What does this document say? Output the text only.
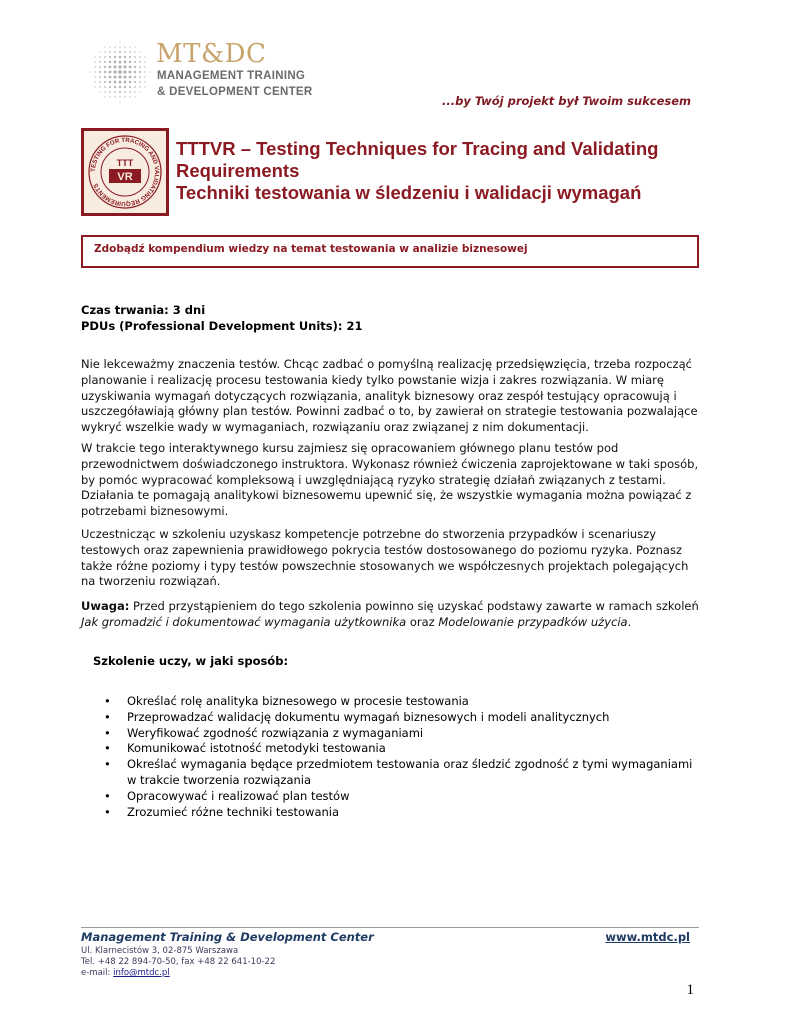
MT&DC
MANAGEMENT TRAINING
& DEVELOPMENT CENTER
...by Twój projekt był Twoim sukcesem
TESTING FOR TRACING AND VALIDATING REQUIREMENTS
TTT
VR
TTTVR – Testing Techniques for Tracing and Validating
Requirements
Techniki testowania w śledzeniu i walidacji wymagań
Zdobądź kompendium wiedzy na temat testowania w analizie biznesowej
Czas trwania: 3 dni
PDUs (Professional Development Units): 21

Nie lekceważmy znaczenia testów. Chcąc zadbać o pomyślną realizację przedsięwzięcia, trzeba rozpocząć planowanie i realizację procesu testowania kiedy tylko powstanie wizja i zakres rozwiązania. W miarę uzyskiwania wymagań dotyczących rozwiązania, analityk biznesowy oraz zespół testujący opracowują i uszczegóławiają główny plan testów. Powinni zadbać o to, by zawierał on strategie testowania pozwalające wykryć wszelkie wady w wymaganiach, rozwiązaniu oraz związanej z nim dokumentacji.

W trakcie tego interaktywnego kursu zajmiesz się opracowaniem głównego planu testów pod przewodnictwem doświadczonego instruktora. Wykonasz również ćwiczenia zaprojektowane w taki sposób, by pomóc wypracować kompleksową i uwzględniającą ryzyko strategię działań związanych z testami. Działania te pomagają analitykowi biznesowemu upewnić się, że wszystkie wymagania można powiązać z potrzebami biznesowymi.

Uczestnicząc w szkoleniu uzyskasz kompetencje potrzebne do stworzenia przypadków i scenariuszy testowych oraz zapewnienia prawidłowego pokrycia testów dostosowanego do poziomu ryzyka. Poznasz także różne poziomy i typy testów powszechnie stosowanych we współczesnych projektach polegających na tworzeniu rozwiązań.

Uwaga: Przed przystąpieniem do tego szkolenia powinno się uzyskać podstawy zawarte w ramach szkoleń Jak gromadzić i dokumentować wymagania użytkownika oraz Modelowanie przypadków użycia.

Szkolenie uczy, w jaki sposób:
• Określać rolę analityka biznesowego w procesie testowania
• Przeprowadzać walidację dokumentu wymagań biznesowych i modeli analitycznych
• Weryfikować zgodność rozwiązania z wymaganiami
• Komunikować istotność metodyki testowania
• Określać wymagania będące przedmiotem testowania oraz śledzić zgodność z tymi wymaganiami w trakcie tworzenia rozwiązania
• Opracowywać i realizować plan testów
• Zrozumieć różne techniki testowania
Management Training & Development Center	www.mtdc.pl
Ul. Klarnecistów 3, 02-875 Warszawa
Tel. +48 22 894-70-50, fax +48 22 641-10-22
e-mail: info@mtdc.pl
1
